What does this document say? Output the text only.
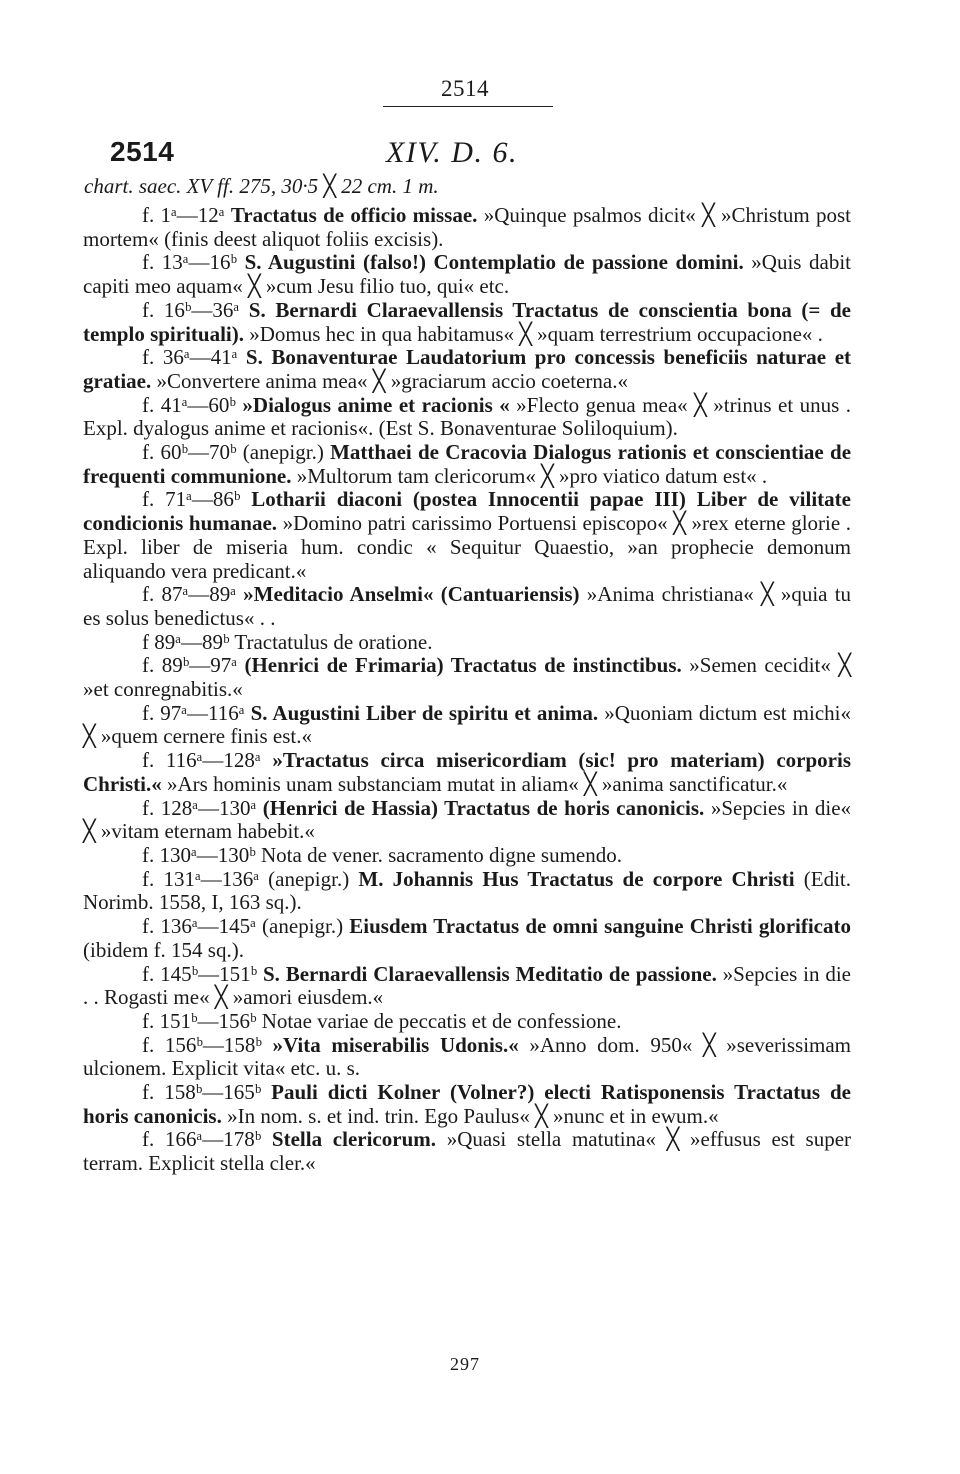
2514
2514	XIV. D. 6.
chart. saec. XV ff. 275, 30·5 ╳ 22 cm. 1 m.

f. 1ᵃ—12ᵃ Tractatus de officio missae. »Quinque psalmos dicit« ╳ »Christum post mortem« (finis deest aliquot foliis excisis).

f. 13ᵃ—16ᵇ S. Augustini (falso!) Contemplatio de passione domini. »Quis dabit capiti meo aquam« ╳ »cum Jesu filio tuo, qui« etc.

f. 16ᵇ—36ᵃ S. Bernardi Claraevallensis Tractatus de conscientia bona (= de templo spirituali). »Domus hec in qua habitamus« ╳ »quam terrestrium occupacione« .

f. 36ᵃ—41ᵃ S. Bonaventurae Laudatorium pro concessis beneficiis naturae et gratiae. »Convertere anima mea« ╳ »graciarum accio coeterna.«

f. 41ᵃ—60ᵇ »Dialogus anime et racionis « »Flecto genua mea« ╳ »trinus et unus . Expl. dyalogus anime et racionis«. (Est S. Bonaventurae Soliloquium).

f. 60ᵇ—70ᵇ (anepigr.) Matthaei de Cracovia Dialogus rationis et conscientiae de frequenti communione. »Multorum tam clericorum« ╳ »pro viatico datum est« .

f. 71ᵃ—86ᵇ Lotharii diaconi (postea Innocentii papae III) Liber de vilitate condicionis humanae. »Domino patri carissimo Portuensi episcopo« ╳ »rex eterne glorie . Expl. liber de miseria hum. condic « Sequitur Quaestio, »an prophecie demonum aliquando vera predicant.«

f. 87ᵃ—89ᵃ »Meditacio Anselmi« (Cantuariensis) »Anima christiana« ╳ »quia tu es solus benedictus« . .

f 89ᵃ—89ᵇ Tractatulus de oratione.

f. 89ᵇ—97ᵃ (Henrici de Frimaria) Tractatus de instinctibus. »Semen cecidit« ╳ »et conregnabitis.«

f. 97ᵃ—116ᵃ S. Augustini Liber de spiritu et anima. »Quoniam dictum est michi« ╳ »quem cernere finis est.«

f. 116ᵃ—128ᵃ »Tractatus circa misericordiam (sic! pro materiam) corporis Christi.« »Ars hominis unam substanciam mutat in aliam« ╳ »anima sanctificatur.«

f. 128ᵃ—130ᵃ (Henrici de Hassia) Tractatus de horis canonicis. »Sepcies in die« ╳ »vitam eternam habebit.«

f. 130ᵃ—130ᵇ Nota de vener. sacramento digne sumendo.

f. 131ᵃ—136ᵃ (anepigr.) M. Johannis Hus Tractatus de corpore Christi (Edit. Norimb. 1558, I, 163 sq.).

f. 136ᵃ—145ᵃ (anepigr.) Eiusdem Tractatus de omni sanguine Christi glorificato (ibidem f. 154 sq.).

f. 145ᵇ—151ᵇ S. Bernardi Claraevallensis Meditatio de passione. »Sepcies in die . . Rogasti me« ╳ »amori eiusdem.«

f. 151ᵇ—156ᵇ Notae variae de peccatis et de confessione.

f. 156ᵇ—158ᵇ »Vita miserabilis Udonis.« »Anno dom. 950« ╳ »severissimam ulcionem. Explicit vita« etc. u. s.

f. 158ᵇ—165ᵇ Pauli dicti Kolner (Volner?) electi Ratisponensis Tractatus de horis canonicis. »In nom. s. et ind. trin. Ego Paulus« ╳ »nunc et in ewum.«

f. 166ᵃ—178ᵇ Stella clericorum. »Quasi stella matutina« ╳ »effusus est super terram. Explicit stella cler.«

297
